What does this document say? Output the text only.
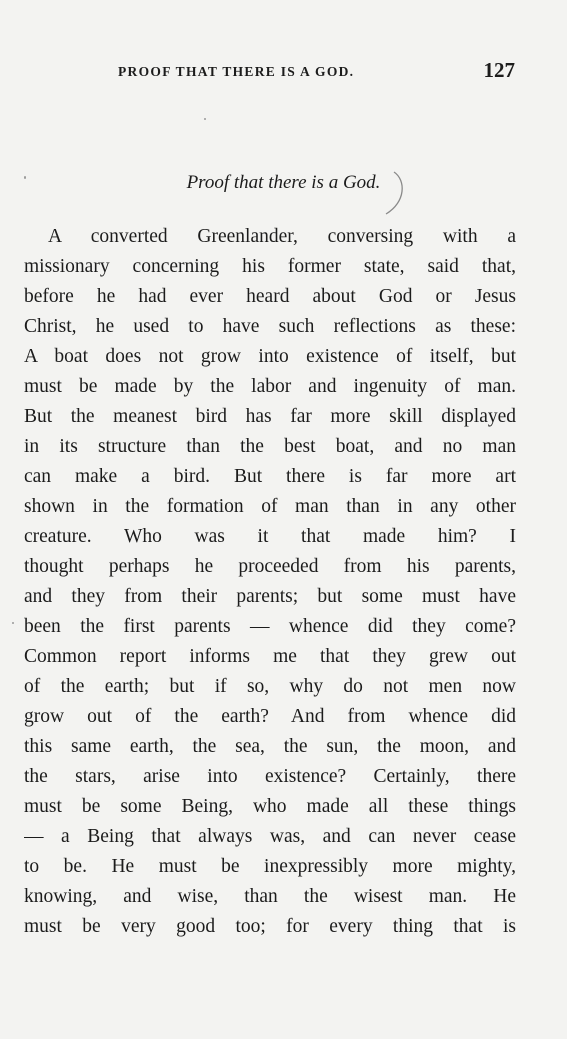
PROOF THAT THERE IS A GOD.	127
Proof that there is a God.
A converted Greenlander, conversing with a
missionary concerning his former state, said that,
before he had ever heard about God or Jesus
Christ, he used to have such reflections as these:
A boat does not grow into existence of itself, but
must be made by the labor and ingenuity of man.
But the meanest bird has far more skill displayed
in its structure than the best boat, and no man
can make a bird. But there is far more art
shown in the formation of man than in any other
creature. Who was it that made him? I
thought perhaps he proceeded from his parents,
and they from their parents; but some must have
been the first parents — whence did they come?
Common report informs me that they grew out
of the earth; but if so, why do not men now
grow out of the earth? And from whence did
this same earth, the sea, the sun, the moon, and
the stars, arise into existence? Certainly, there
must be some Being, who made all these things
— a Being that always was, and can never cease
to be. He must be inexpressibly more mighty,
knowing, and wise, than the wisest man. He
must be very good too; for every thing that is
